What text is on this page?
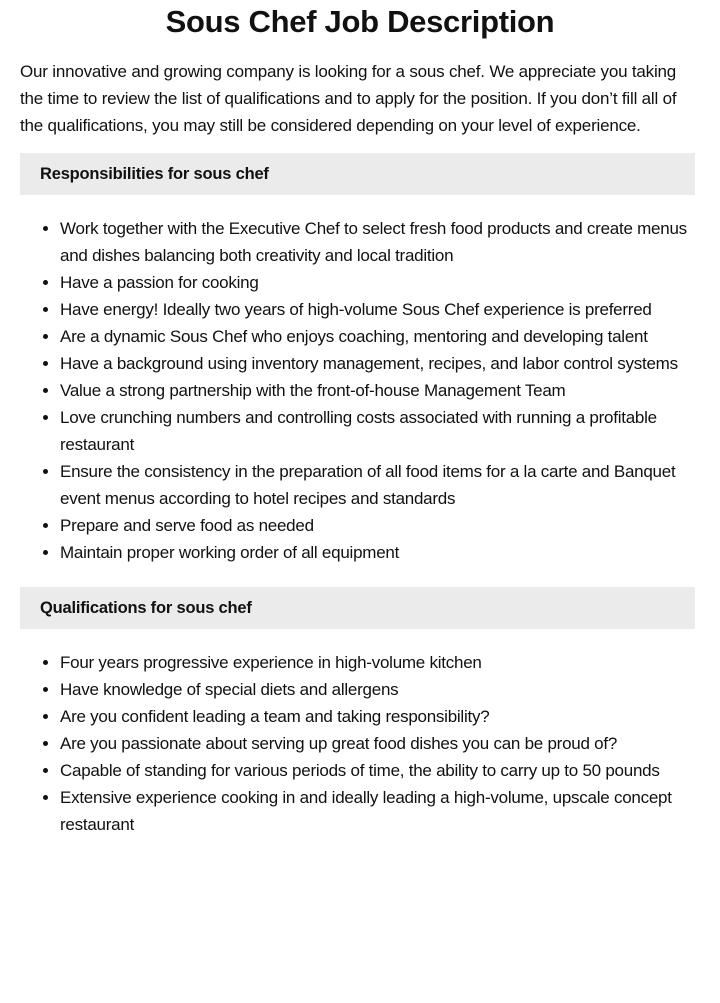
Sous Chef Job Description

Our innovative and growing company is looking for a sous chef. We appreciate you taking the time to review the list of qualifications and to apply for the position. If you don’t fill all of the qualifications, you may still be considered depending on your level of experience.

Responsibilities for sous chef
• Work together with the Executive Chef to select fresh food products and create menus and dishes balancing both creativity and local tradition
• Have a passion for cooking
• Have energy! Ideally two years of high-volume Sous Chef experience is preferred
• Are a dynamic Sous Chef who enjoys coaching, mentoring and developing talent
• Have a background using inventory management, recipes, and labor control systems
• Value a strong partnership with the front-of-house Management Team
• Love crunching numbers and controlling costs associated with running a profitable restaurant
• Ensure the consistency in the preparation of all food items for a la carte and Banquet event menus according to hotel recipes and standards
• Prepare and serve food as needed
• Maintain proper working order of all equipment
Qualifications for sous chef
• Four years progressive experience in high-volume kitchen
• Have knowledge of special diets and allergens
• Are you confident leading a team and taking responsibility?
• Are you passionate about serving up great food dishes you can be proud of?
• Capable of standing for various periods of time, the ability to carry up to 50 pounds
• Extensive experience cooking in and ideally leading a high-volume, upscale concept restaurant
